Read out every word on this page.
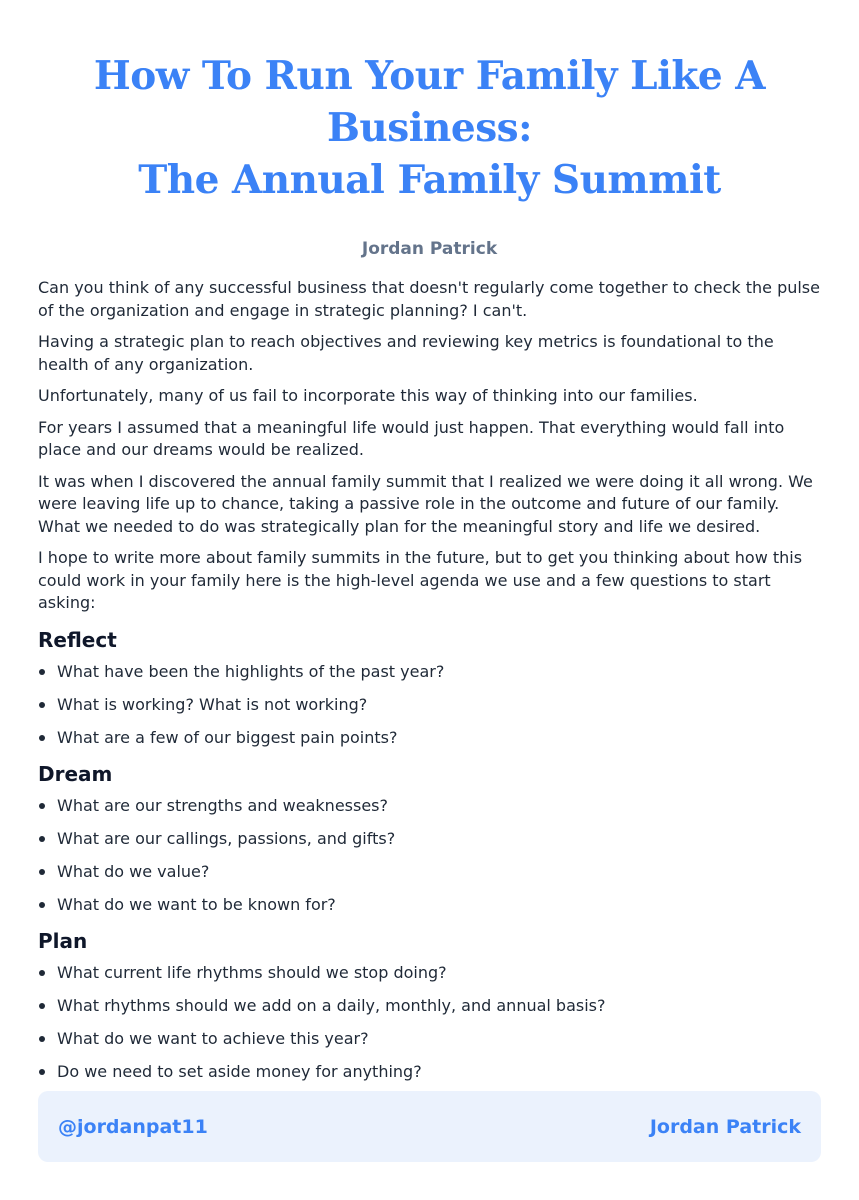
How To Run Your Family Like A Business:
The Annual Family Summit
Jordan Patrick

Can you think of any successful business that doesn't regularly come together to check the pulse of the organization and engage in strategic planning? I can't.

Having a strategic plan to reach objectives and reviewing key metrics is foundational to the health of any organization.

Unfortunately, many of us fail to incorporate this way of thinking into our families.

For years I assumed that a meaningful life would just happen. That everything would fall into place and our dreams would be realized.

It was when I discovered the annual family summit that I realized we were doing it all wrong. We were leaving life up to chance, taking a passive role in the outcome and future of our family. What we needed to do was strategically plan for the meaningful story and life we desired.

I hope to write more about family summits in the future, but to get you thinking about how this could work in your family here is the high-level agenda we use and a few questions to start asking:

Reflect
What have been the highlights of the past year?
What is working? What is not working?
What are a few of our biggest pain points?
Dream
What are our strengths and weaknesses?
What are our callings, passions, and gifts?
What do we value?
What do we want to be known for?
Plan
What current life rhythms should we stop doing?
What rhythms should we add on a daily, monthly, and annual basis?
What do we want to achieve this year?
Do we need to set aside money for anything?
@jordanpat11	Jordan Patrick
